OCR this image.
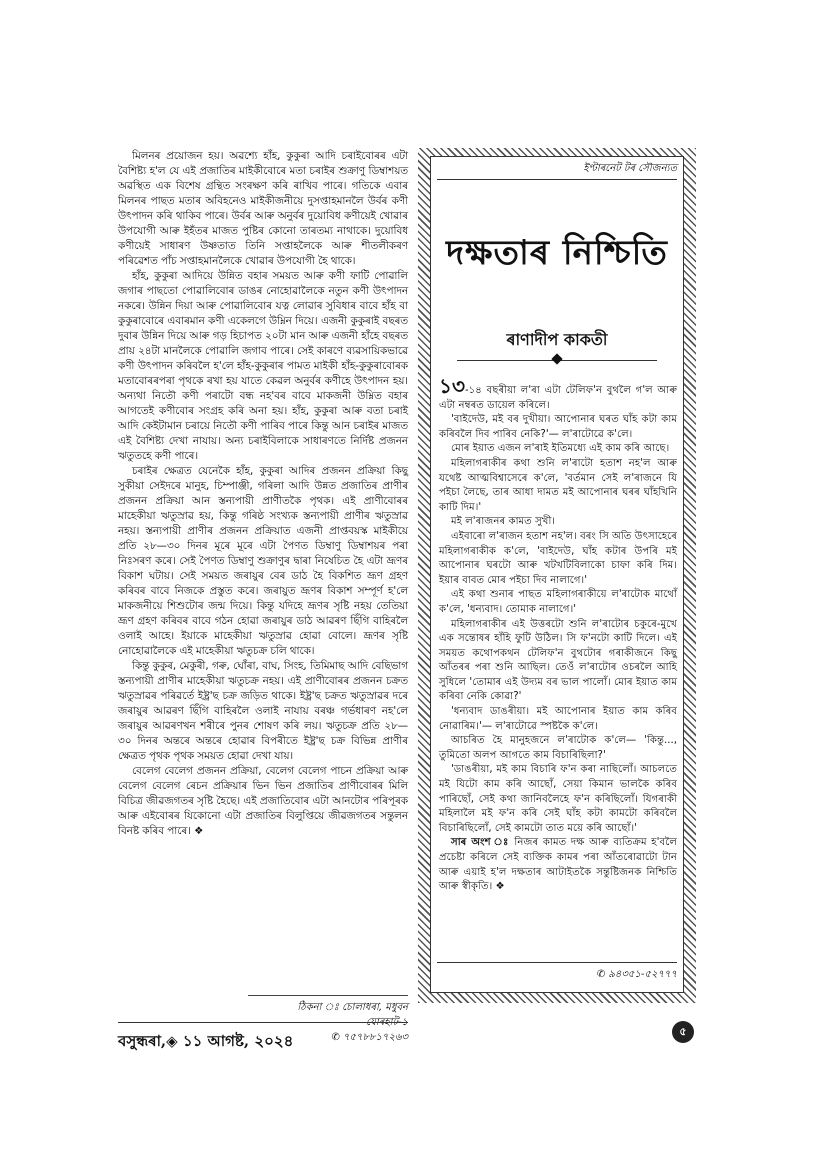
মিলনৰ প্ৰয়োজন হয়। অৱশ্যে হাঁহ, কুকুৰা আদি চৰাইবোৰৰ এটা বৈশিষ্ট্য হ'ল যে এই প্ৰজাতিৰ মাইকীবোৰে মতা চৰাইৰ শুক্ৰাণু ডিম্বাশয়ত অৱস্থিত এক বিশেষ গ্ৰন্থিত সংৰক্ষণ কৰি ৰাখিব পাৰে। গতিকে এবাৰ মিলনৰ পাছত মতাৰ অবিহনেও মাইকীজনীয়ে দুসপ্তাহমানলৈ উৰ্বৰ কণী উৎপাদন কৰি থাকিব পাৰে। উৰ্বৰ আৰু অনুৰ্বৰ দুয়োবিধ কণীয়েই খোৱাৰ উপযোগী আৰু ইহঁতৰ মাজত পুষ্টিৰ কোনো তাৰতম্য নাথাকে। দুয়োবিধ কণীয়েই সাধাৰণ উষ্ণতাত তিনি সপ্তাহলৈকে আৰু শীতলীকৰণ পৰিৱেশত পাঁচ সপ্তাহমানলৈকে খোৱাৰ উপযোগী হৈ থাকে।

হাঁহ, কুকুৰা আদিয়ে উন্নিত বহাৰ সময়ত আৰু কণী ফাটি পোৱালি জগাৰ পাছতো পোৱালিবোৰ ডাঙৰ নোহোৱালৈকে নতুন কণী উৎপাদন নকৰে। উন্নিন দিয়া আৰু পোৱালিবোৰ যত্ন লোৱাৰ সুবিধাৰ বাবে হাঁহ বা কুকুৰাবোৰে এবাৰমান কণী একেলগে উম্নিন দিয়ে। এজনী কুকুৰাই বছৰত দুবাৰ উন্নিন দিয়ে আৰু গড় হিচাপত ২০টা মান আৰু এজনী হাঁহে বছৰত প্ৰায় ২৪টা মানলৈকে পোৱালি জগাব পাৰে। সেই কাৰণে ব্যৱসায়িকভাৱে কণী উৎপাদন কৰিবলৈ হ'লে হাঁহ-কুকুৰাৰ পামত মাইকী হাঁহ-কুকুৰাবোৰক মতাবোৰৰপৰা পৃথকে ৰখা হয় যাতে কেৱল অনুৰ্বৰ কণীহে উৎপাদন হয়। অন্যথা নিতৌ কণী পৰাটো বন্ধ নহ'বৰ বাবে মাকজনী উম্নিত বহাৰ আগতেই কণীবোৰ সংগ্ৰহ কৰি অনা হয়। হাঁহ, কুকুৰা আৰু বতা চৰাই আদি কেইটামান চৰায়ে নিতৌ কণী পাৰিব পাৰে কিন্তু আন চৰাইৰ মাজত এই বৈশিষ্ট্য দেখা নাযায়। অন্য চৰাইবিলাকে সাধাৰণতে নিৰ্দিষ্ট প্ৰজনন ঋতুতহে কণী পাৰে।

চৰাইৰ ক্ষেত্ৰত যেনেকৈ হাঁহ, কুকুৰা আদিৰ প্ৰজনন প্ৰক্ৰিয়া কিছু সুকীয়া সেইদৰে মানুহ, চিম্পাঞ্জী, গৰিলা আদি উন্নত প্ৰজাতিৰ প্ৰাণীৰ প্ৰজনন প্ৰক্ৰিয়া আন স্তন্যপায়ী প্ৰাণীতকৈ পৃথক। এই প্ৰাণীবোৰৰ মাহেকীয়া ঋতুস্ৰাৱ হয়, কিন্তু গৰিষ্ঠ সংখ্যক স্তন্যপায়ী প্ৰাণীৰ ঋতুস্ৰাৱ নহয়। স্তন্যপায়ী প্ৰাণীৰ প্ৰজনন প্ৰক্ৰিয়াত এজনী প্ৰাপ্তবয়স্ক মাইকীয়ে প্ৰতি ২৮—৩০ দিনৰ মূৰে মূৰে এটা পৈণত ডিম্বাণু ডিম্বাশয়ৰ পৰা নিঃসৰণ কৰে। সেই পৈণত ডিম্বাণু শুক্ৰাণুৰ দ্বাৰা নিষেচিত হৈ এটা ভ্ৰূণৰ বিকাশ ঘটায়। সেই সময়ত জৰায়ুৰ বেৰ ডাঠ হৈ বিকশিত ভ্ৰূণ গ্ৰহণ কৰিবৰ বাবে নিজকে প্ৰস্তুত কৰে। জৰায়ুত ভ্ৰূণৰ বিকাশ সম্পূৰ্ণ হ'লে মাকজনীয়ে শিশুটোৰ জন্ম দিয়ে। কিন্তু যদিহে ভ্ৰূণৰ সৃষ্টি নহয় তেতিয়া ভ্ৰূণ গ্ৰহণ কৰিবৰ বাবে গঠন হোৱা জৰায়ুৰ ডাঠ আৱৰণ ছিঁগি বাহিৰলৈ ওলাই আহে। ইয়াকে মাহেকীয়া ঋতুস্ৰাৱ হোৱা বোলে। ভ্ৰূণৰ সৃষ্টি নোহোৱালৈকে এই মাহেকীয়া ঋতুচক্ৰ চলি থাকে।

কিন্তু কুকুৰ, মেকুৰী, গৰু, ঘোঁৰা, বাঘ, সিংহ, তিমিমাছ আদি বেছিভাগ স্তন্যপায়ী প্ৰাণীৰ মাহেকীয়া ঋতুচক্ৰ নহয়। এই প্ৰাণীবোৰৰ প্ৰজনন চক্ৰত ঋতুস্ৰাৱৰ পৰিৱৰ্তে ইষ্ট্ৰ'ছ চক্ৰ জড়িত থাকে। ইষ্ট্ৰ'ছ চক্ৰত ঋতুস্ৰাৱৰ দৰে জৰায়ুৰ আৱৰণ ছিঁগি বাহিৰলৈ ওলাই নাযায় বৰঞ্চ গৰ্ভধাৰণ নহ'লে জৰায়ুৰ আৱৰণখন শৰীৰে পুনৰ শোষণ কৰি লয়। ঋতুচক্ৰ প্ৰতি ২৮—৩০ দিনৰ অন্তৰে অন্তৰে হোৱাৰ বিপৰীতে ইষ্ট্ৰ'ছ চক্ৰ বিভিন্ন প্ৰাণীৰ ক্ষেত্ৰত পৃথক পৃথক সময়ত হোৱা দেখা যায়।

বেলেগ বেলেগ প্ৰজনন প্ৰক্ৰিয়া, বেলেগ বেলেগ পাচন প্ৰক্ৰিয়া আৰু বেলেগ বেলেগ ৰেচন প্ৰক্ৰিয়াৰ ভিন ভিন প্ৰজাতিৰ প্ৰাণীবোৰৰ মিলি বিচিত্ৰ জীৱজগতৰ সৃষ্টি হৈছে। এই প্ৰজাতিবোৰ এটা আনটোৰ পৰিপূৰক আৰু এইবোৰৰ যিকোনো এটা প্ৰজাতিৰ বিলুপ্তিয়ে জীৱজগতৰ সন্তুলন বিনষ্ট কৰিব পাৰে। ❖

ঠিকনা ঃ চোলাধৰা, মধুবন
যোৰহাট-১
✆ ৭৫৭৮৮১৭২৬৩
বসুন্ধৰা,◈ ১১ আগষ্ট, ২০২৪
৫
ইণ্টাৰনেট টৰ সৌজন্যত
দক্ষতাৰ নিশ্চিতি
ৰাণাদীপ কাকতী

১৩-১৪ বছৰীয়া ল'ৰা এটা টেলিফ'ন বুথলৈ গ'ল আৰু এটা নম্বৰত ডায়েল কৰিলে।

'বাইদেউ, মই বৰ দুখীয়া। আপোনাৰ ঘৰত ঘাঁহ কটা কাম কৰিবলৈ দিব পাৰিব নেকি?'— ল'ৰাটোৱে ক'লে।

মোৰ ইয়াত এজন ল'ৰাই ইতিমধ্যে এই কাম কৰি আছে।

মহিলাগৰাকীৰ কথা শুনি ল'ৰাটো হতাশ নহ'ল আৰু যথেষ্ট আত্মবিশ্বাসেৰে ক'লে, 'বৰ্তমান সেই ল'ৰাজনে যি পইচা লৈছে, তাৰ আধা দামত মই আপোনাৰ ঘৰৰ ঘাঁহখিনি কাটি দিম।'

মই ল'ৰাজনৰ কামত সুখী।

এইবাৰো ল'ৰাজন হতাশ নহ'ল। বৰং সি অতি উৎসাহেৰে মহিলাগৰাকীক ক'লে, 'বাইদেউ, ঘাঁহ কটাৰ উপৰি মই আপোনাৰ ঘৰটো আৰু খটখটিবিলাকো চাফা কৰি দিম। ইয়াৰ বাবত মোৰ পইচা দিব নালাগে।'

এই কথা শুনাৰ পাছত মহিলাগৰাকীয়ে ল'ৰাটোক মাথোঁ ক'লে, 'ধন্যবাদ। তোমাক নালাগে।'

মহিলাগৰাকীৰ এই উত্তৰটো শুনি ল'ৰাটোৰ চকুৰে-মুখে এক সন্তোষৰ হাঁহি ফুটি উঠিল। সি ফ'নটো কাটি দিলে। এই সময়ত কথোপকথন টেলিফ'ন বুথটোৰ গৰাকীজনে কিছু আঁতৰৰ পৰা শুনি আছিল। তেওঁ ল'ৰাটোৰ ওচৰলৈ আহি সুধিলে 'তোমাৰ এই উদ্যম বৰ ভাল পালোঁ। মোৰ ইয়াত কাম কৰিবা নেকি কোৱা?'

'ধন্যবাদ ডাঙৰীয়া। মই আপোনাৰ ইয়াত কাম কৰিব নোৱাৰিম।'— ল'ৰাটোৱে স্পষ্টকৈ ক'লে।

আচৰিত হৈ মানুহজনে ল'ৰাটোক ক'লে— 'কিন্তু..., তুমিতো অলপ আগতে কাম বিচাৰিছিলা?'

'ডাঙৰীয়া, মই কাম বিচাৰি ফ'ন কৰা নাছিলোঁ। আচলতে মই যিটো কাম কৰি আছোঁ, সেয়া কিমান ভালকৈ কৰিব পাৰিছোঁ, সেই কথা জানিবলৈহে ফ'ন কৰিছিলোঁ। যিগৰাকী মহিলালৈ মই ফ'ন কৰি সেই ঘাঁহ কটা কামটো কৰিবলৈ বিচাৰিছিলোঁ, সেই কামটো তাত ময়ে কৰি আছোঁ।'

সাৰ অংশ ঃ নিজৰ কামত দক্ষ আৰু ব্যতিক্ৰম হ'বলৈ প্ৰচেষ্টা কৰিলে সেই ব্যক্তিক কামৰ পৰা আঁতৰোৱাটো টান আৰু এয়াই হ'ল দক্ষতাৰ আটাইতকৈ সন্তুষ্টিজনক নিশ্চিতি আৰু স্বীকৃতি। ❖

✆ ৯৪৩৫১-৫২৭৭৭
